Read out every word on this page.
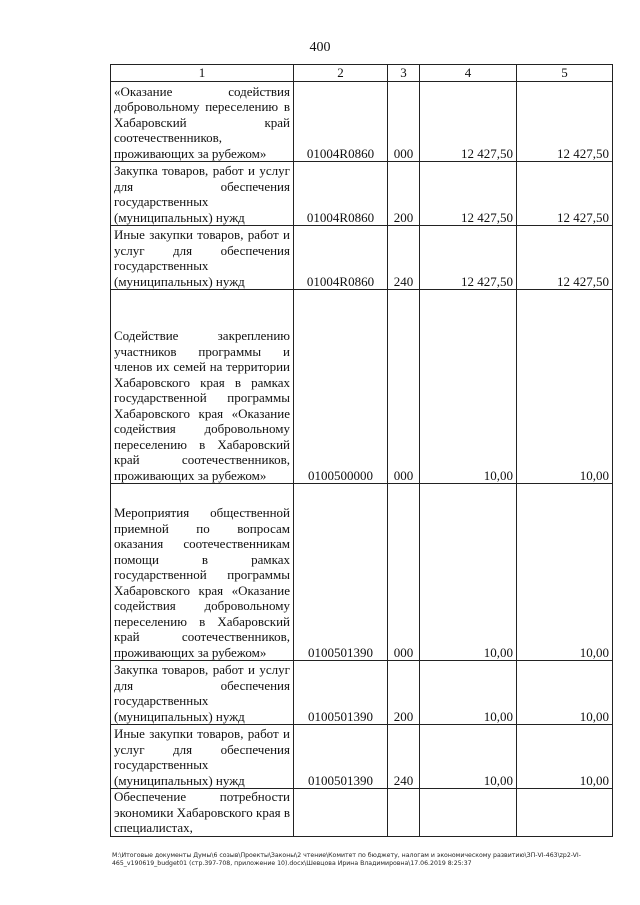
400
1	2	3	4	5
«Оказание содействия добровольному переселению в Хабаровский край соотечественников, проживающих за рубежом»	01004R0860	000	12 427,50	12 427,50
Закупка товаров, работ и услуг для обеспечения государственных (муниципальных) нужд	01004R0860	200	12 427,50	12 427,50
Иные закупки товаров, работ и услуг для обеспечения государственных (муниципальных) нужд	01004R0860	240	12 427,50	12 427,50
Содействие закреплению участников программы и членов их семей на территории Хабаровского края в рамках государственной программы Хабаровского края «Оказание содействия добровольному переселению в Хабаровский край соотечественников, проживающих за рубежом»	0100500000	000	10,00	10,00
Мероприятия общественной приемной по вопросам оказания соотечественникам помощи в рамках государственной программы Хабаровского края «Оказание содействия добровольному переселению в Хабаровский край соотечественников, проживающих за рубежом»	0100501390	000	10,00	10,00
Закупка товаров, работ и услуг для обеспечения государственных (муниципальных) нужд	0100501390	200	10,00	10,00
Иные закупки товаров, работ и услуг для обеспечения государственных (муниципальных) нужд	0100501390	240	10,00	10,00
Обеспечение потребности экономики Хабаровского края в специалистах,				
М:\Итоговые документы Думы\6 созыв\Проекты\Законы\2 чтение\Комитет по бюджету, налогам и экономическому развитию\ЗП-VI-463\zp2-VI-
465_v190619_budget01 (стр.397-708, приложение 10).docx\Шевцова Ирина Владимировна\17.06.2019 8:25:37
